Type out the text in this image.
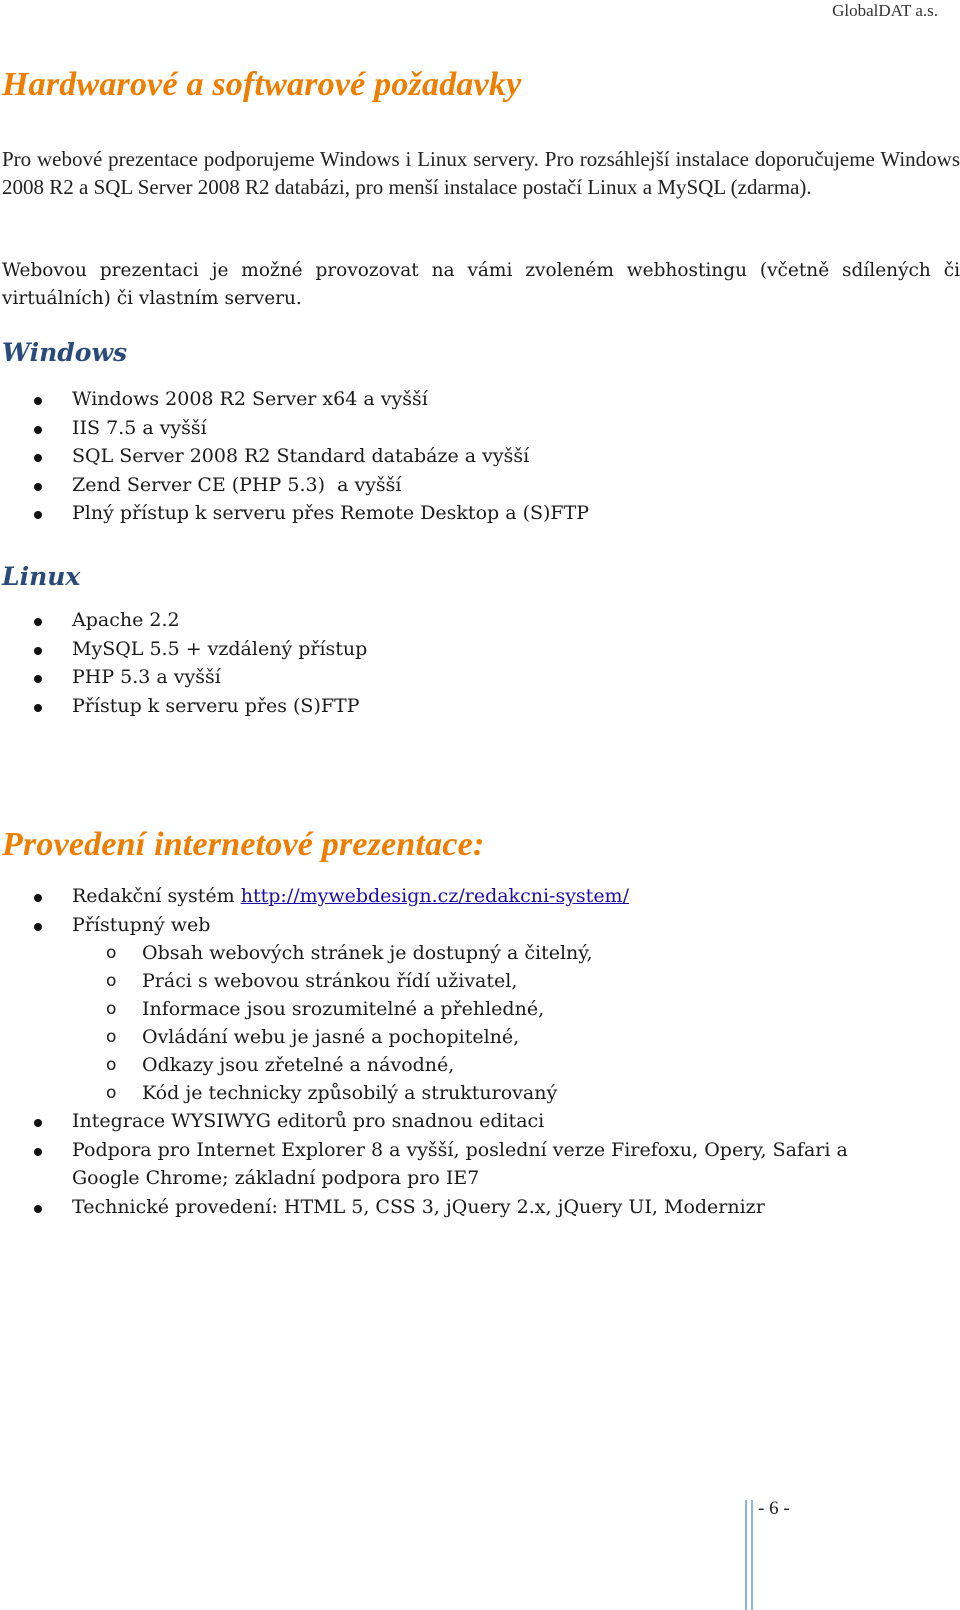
GlobalDAT a.s.
Hardwarové a softwarové požadavky

Pro webové prezentace podporujeme Windows i Linux servery. Pro rozsáhlejší instalace doporučujeme Windows 2008 R2 a SQL Server 2008 R2 databázi, pro menší instalace postačí Linux a MySQL (zdarma).

Webovou prezentaci je možné provozovat na vámi zvoleném webhostingu (včetně sdílených či virtuálních) či vlastním serveru.

Windows
Windows 2008 R2 Server x64 a vyšší
IIS 7.5 a vyšší
SQL Server 2008 R2 Standard databáze a vyšší
Zend Server CE (PHP 5.3)  a vyšší
Plný přístup k serveru přes Remote Desktop a (S)FTP
Linux
Apache 2.2
MySQL 5.5 + vzdálený přístup
PHP 5.3 a vyšší
Přístup k serveru přes (S)FTP
Provedení internetové prezentace:
Redakční systém http://mywebdesign.cz/redakcni-system/
Přístupný web
o Obsah webových stránek je dostupný a čitelný,
o Práci s webovou stránkou řídí uživatel,
o Informace jsou srozumitelné a přehledné,
o Ovládání webu je jasné a pochopitelné,
o Odkazy jsou zřetelné a návodné,
o Kód je technicky způsobilý a strukturovaný
Integrace WYSIWYG editorů pro snadnou editaci
Podpora pro Internet Explorer 8 a vyšší, poslední verze Firefoxu, Opery, Safari a Google Chrome; základní podpora pro IE7
Technické provedení: HTML 5, CSS 3, jQuery 2.x, jQuery UI, Modernizr
- 6 -
